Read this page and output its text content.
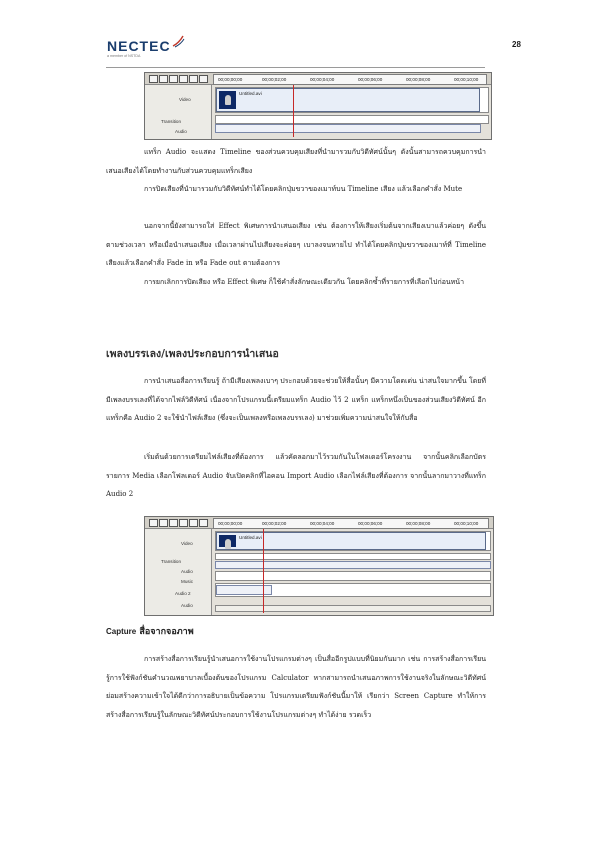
NECTEC
a member of NSTDA
28
00;00;00;00	00;00;02;00	00;00;04;00	00;00;06;00	00;00;08;00	00;00;10;00
Video
Transition
Audio
Untitled.avi

แทร็ก Audio จะแสดง Timeline ของส่วนควบคุมเสียงที่นำมารวมกับวิดีทัศน์นั้นๆ ดังนั้นสามารถควบคุมการนำเสนอเสียงได้โดยทำงานกับส่วนควบคุมแทร็กเสียง

การปิดเสียงที่นำมารวมกับวิดีทัศน์ทำได้โดยคลิกปุ่มขวาของเมาท์บน Timeline เสียง แล้วเลือกคำสั่ง Mute

นอกจากนี้ยังสามารถใส่ Effect พิเศษการนำเสนอเสียง เช่น ต้องการให้เสียงเริ่มต้นจากเสียงเบาแล้วค่อยๆ ดังขึ้นตามช่วงเวลา หรือเมื่อนำเสนอเสียง เมื่อเวลาผ่านไปเสียงจะค่อยๆ เบาลงจนหายไป ทำได้โดยคลิกปุ่มขวาของเมาท์ที่ Timeline เสียงแล้วเลือกคำสั่ง Fade in หรือ Fade out ตามต้องการ

การยกเลิกการปิดเสียง หรือ Effect พิเศษ ก็ใช้คำสั่งลักษณะเดียวกัน โดยคลิกซ้ำที่รายการที่เลือกไปก่อนหน้า

เพลงบรรเลง/เพลงประกอบการนำเสนอ

การนำเสนอสื่อการเรียนรู้ ถ้ามีเสียงเพลงเบาๆ ประกอบด้วยจะช่วยให้สื่อนั้นๆ มีความโดดเด่น น่าสนใจมากขึ้น โดยที่มีเพลงบรรเลงที่ได้จากไฟล์วิดีทัศน์ เนื่องจากโปรแกรมนี้เตรียมแทร็ก Audio ไว้ 2 แทร็ก แทร็กหนึ่งเป็นของส่วนเสียงวิดีทัศน์ อีกแทร็กคือ Audio 2 จะใช้นำไฟล์เสียง (ซึ่งจะเป็นเพลงหรือเพลงบรรเลง) มาช่วยเพิ่มความน่าสนใจให้กับสื่อ

เริ่มต้นด้วยการเตรียมไฟล์เสียงที่ต้องการ แล้วคัดลอกมาไว้รวมกันในโฟลเดอร์โครงงาน จากนั้นคลิกเลือกบัตรรายการ Media เลือกโฟลเดอร์ Audio จับเปิดคลิกที่ไอคอน Import Audio เลือกไฟล์เสียงที่ต้องการ จากนั้นลากมาวางที่แทร็ก Audio 2

00;00;00;00	00;00;02;00	00;00;04;00	00;00;06;00	00;00;08;00	00;00;10;00
Video
Transition
Audio
Music
Audio 2
Audio
Untitled.avi
Capture สื่อจากจอภาพ

การสร้างสื่อการเรียนรู้นำเสนอการใช้งานโปรแกรมต่างๆ เป็นสื่ออีกรูปแบบที่นิยมกันมาก เช่น การสร้างสื่อการเรียนรู้การใช้ฟังก์ชันคำนวณพยาบาลเบื้องต้นของโปรแกรม Calculator หากสามารถนำเสนอภาพการใช้งานจริงในลักษณะวิดีทัศน์ย่อมสร้างความเข้าใจได้ดีกว่าการอธิบายเป็นข้อความ โปรแกรมเตรียมฟังก์ชันนี้มาให้ เรียกว่า Screen Capture ทำให้การสร้างสื่อการเรียนรู้ในลักษณะวิดีทัศน์ประกอบการใช้งานโปรแกรมต่างๆ ทำได้ง่าย รวดเร็ว
